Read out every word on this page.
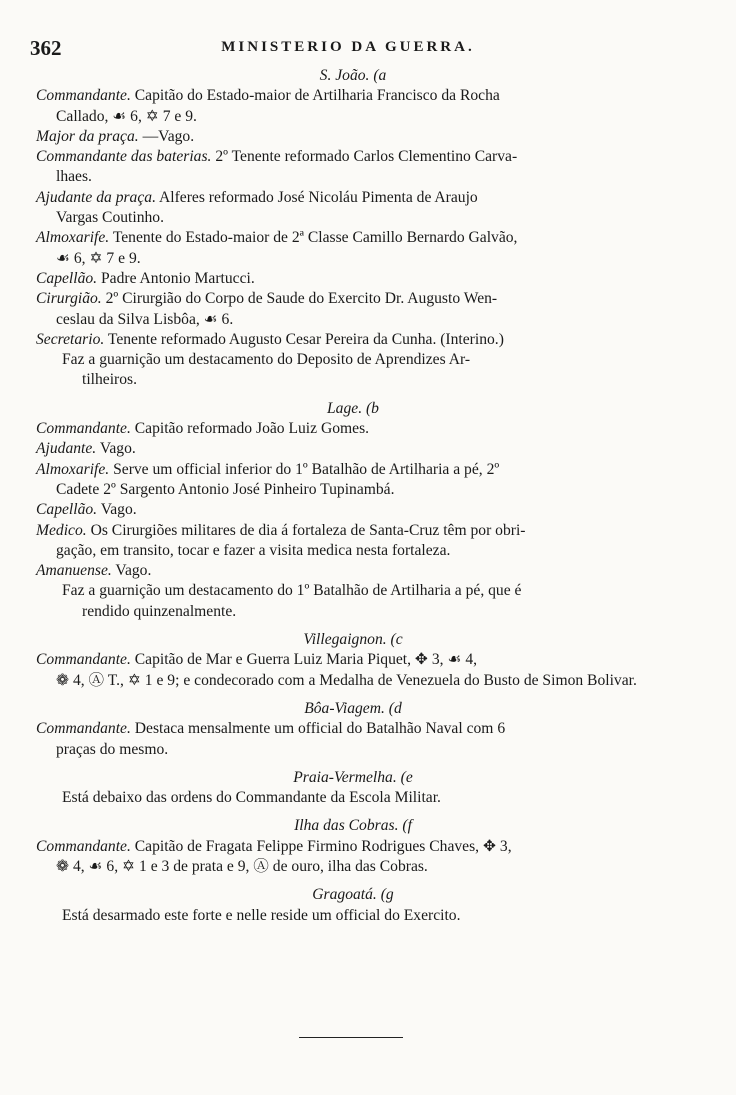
362	MINISTERIO DA GUERRA.

S. João. (a

Commandante. Capitão do Estado-maior de Artilharia Francisco da Rocha
Callado, ☙ 6, ✡ 7 e 9.

Major da praça. —Vago.

Commandante das baterias. 2º Tenente reformado Carlos Clementino Carva-
lhaes.

Ajudante da praça. Alferes reformado José Nicoláu Pimenta de Araujo
Vargas Coutinho.

Almoxarife. Tenente do Estado-maior de 2ª Classe Camillo Bernardo Galvão,
☙ 6, ✡ 7 e 9.

Capellão. Padre Antonio Martucci.

Cirurgião. 2º Cirurgião do Corpo de Saude do Exercito Dr. Augusto Wen-
ceslau da Silva Lisbôa, ☙ 6.

Secretario. Tenente reformado Augusto Cesar Pereira da Cunha. (Interino.)

Faz a guarnição um destacamento do Deposito de Aprendizes Ar-
tilheiros.

Lage. (b

Commandante. Capitão reformado João Luiz Gomes.

Ajudante. Vago.

Almoxarife. Serve um official inferior do 1º Batalhão de Artilharia a pé, 2º
Cadete 2º Sargento Antonio José Pinheiro Tupinambá.

Capellão. Vago.

Medico. Os Cirurgiões militares de dia á fortaleza de Santa-Cruz têm por obri-
gação, em transito, tocar e fazer a visita medica nesta fortaleza.

Amanuense. Vago.

Faz a guarnição um destacamento do 1º Batalhão de Artilharia a pé, que é
rendido quinzenalmente.

Villegaignon. (c

Commandante. Capitão de Mar e Guerra Luiz Maria Piquet, ✥ 3, ☙ 4,
❁ 4, Ⓐ T., ✡ 1 e 9; e condecorado com a Medalha de Venezuela do Busto de Simon Bolivar.

Bôa-Viagem. (d

Commandante. Destaca mensalmente um official do Batalhão Naval com 6
praças do mesmo.

Praia-Vermelha. (e

Está debaixo das ordens do Commandante da Escola Militar.

Ilha das Cobras. (f

Commandante. Capitão de Fragata Felippe Firmino Rodrigues Chaves, ✥ 3,
❁ 4, ☙ 6, ✡ 1 e 3 de prata e 9, Ⓐ de ouro, ilha das Cobras.

Gragoatá. (g

Está desarmado este forte e nelle reside um official do Exercito.
